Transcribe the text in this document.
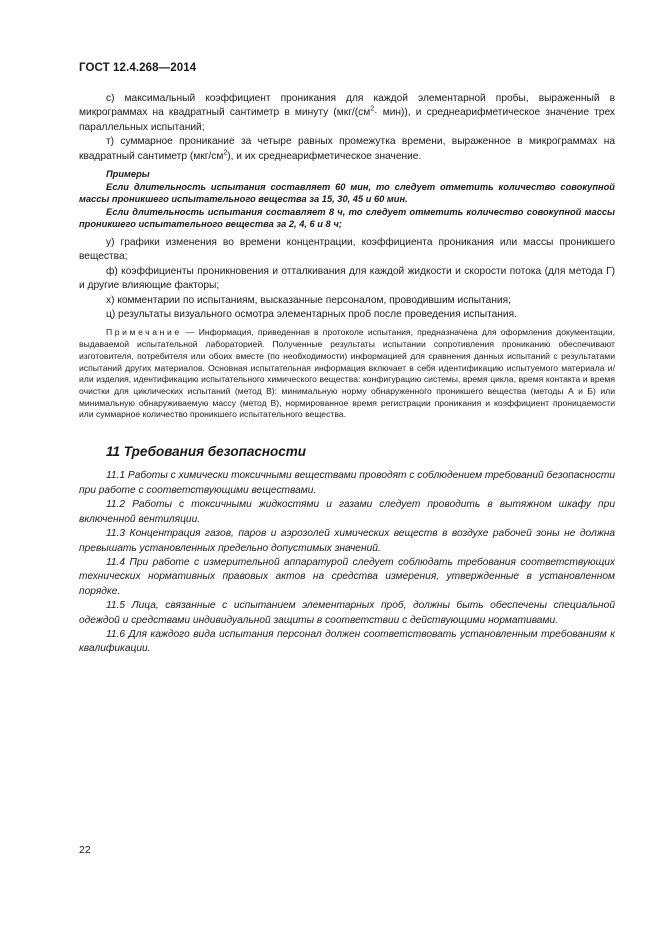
ГОСТ 12.4.268—2014

с) максимальный коэффициент проникания для каждой элементарной пробы, выраженный в микрограммах на квадратный сантиметр в минуту $(мкг/(см^2\cdot мин))$, и среднеарифметическое значение трех параллельных испытаний;

т) суммарное проникание за четыре равных промежутка времени, выраженное в микрограммах на квадратный сантиметр $(мкг/см^2)$, и их среднеарифметическое значение.

Примеры

Если длительность испытания составляет 60 мин, то следует отметить количество совокупной массы проникшего испытательного вещества за 15, 30, 45 и 60 мин.

Если длительность испытания составляет 8 ч, то следует отметить количество совокупной массы проникшего испытательного вещества за 2, 4, 6 и 8 ч;

у) графики изменения во времени концентрации, коэффициента проникания или массы проникшего вещества;

ф) коэффициенты проникновения и отталкивания для каждой жидкости и скорости потока (для метода Г) и другие влияющие факторы;

х) комментарии по испытаниям, высказанные персоналом, проводившим испытания;

ц) результаты визуального осмотра элементарных проб после проведения испытания.

Примечание — Информация, приведенная в протоколе испытания, предназначена для оформления документации, выдаваемой испытательной лабораторией. Полученные результаты испытании сопротивления прониканию обеспечивают изготовителя, потребителя или обоих вместе (по необходимости) информацией для сравнения данных испытаний с результатами испытаний других материалов. Основная испытательная информация включает в себя идентификацию испытуемого материала и/или изделия, идентификацию испытательного химического вещества: конфигурацию системы, время цикла, время контакта и время очистки для циклических испытаний (метод В): минимальную норму обнаруженного проникшего вещества (методы А и Б) или минимальную обнаруживаемую массу (метод В), нормированное время регистрации проникания и коэффициент проницаемости или суммарное количество проникшего испытательного вещества.

11 Требования безопасности

11.1 Работы с химически токсичными веществами проводят с соблюдением требований безопасности при работе с соответствующими веществами.

11.2 Работы с токсичными жидкостями и газами следует проводить в вытяжном шкафу при включенной вентиляции.

11.3 Концентрация газов, паров и аэрозолей химических веществ в воздухе рабочей зоны не должна превышать установленных предельно допустимых значений.

11.4 При работе с измерительной аппаратурой следует соблюдать требования соответствующих технических нормативных правовых актов на средства измерения, утвержденные в установленном порядке.

11.5 Лица, связанные с испытанием элементарных проб, должны быть обеспечены специальной одеждой и средствами индивидуальной защиты в соответствии с действующими нормативами.

11.6 Для каждого вида испытания персонал должен соответствовать установленным требованиям к квалификации.

22
